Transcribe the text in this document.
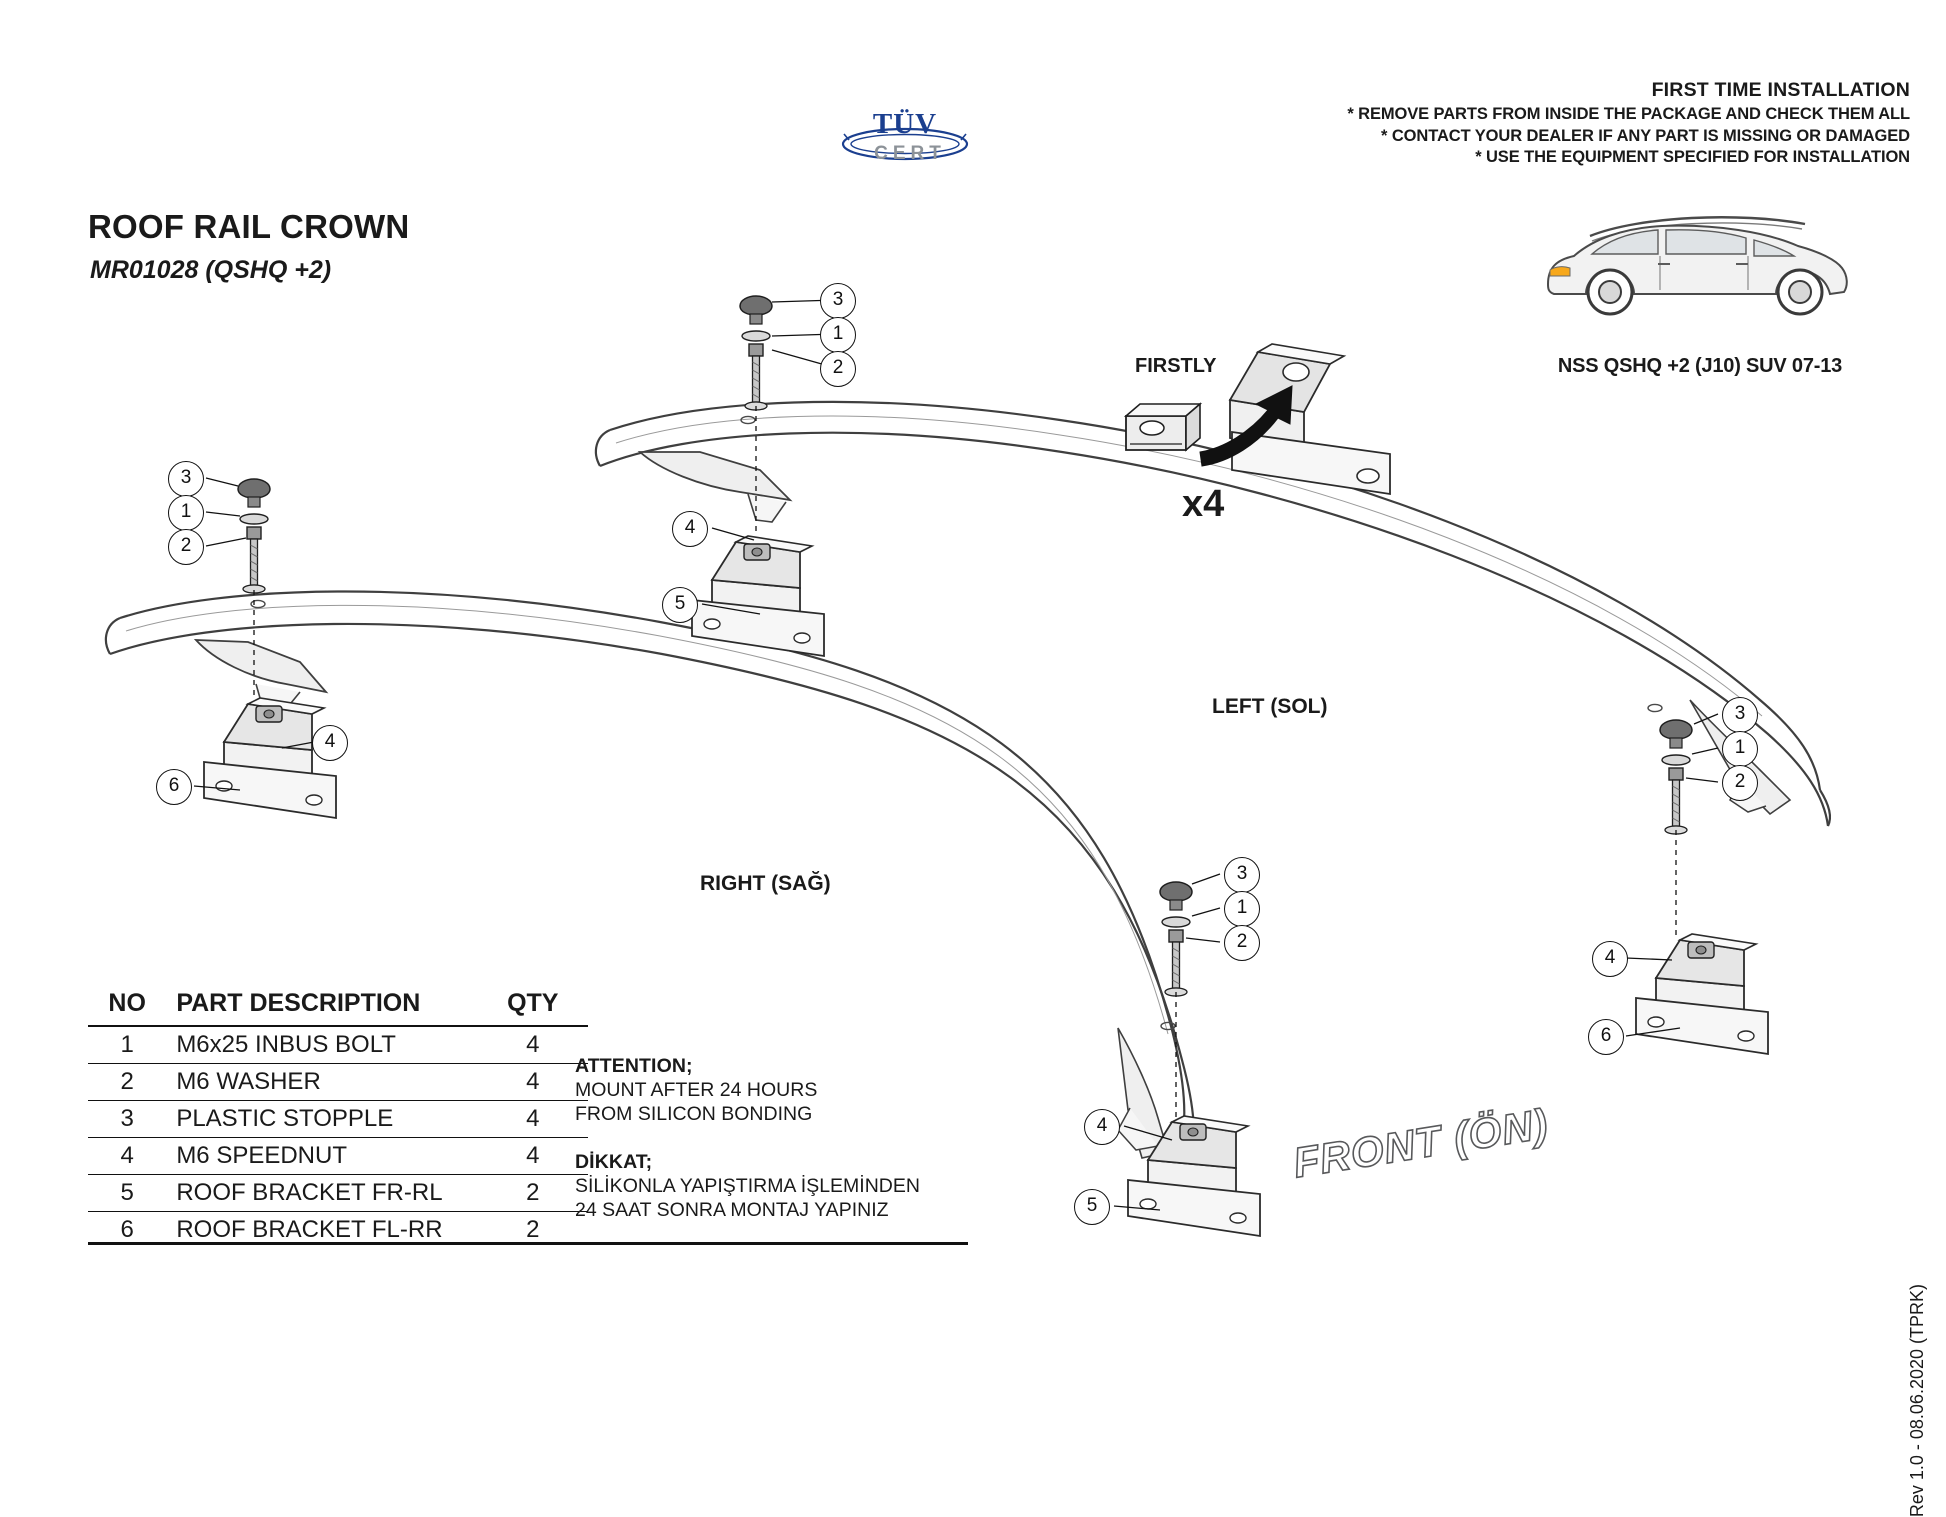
FIRST TIME INSTALLATION
* REMOVE PARTS FROM INSIDE THE PACKAGE AND CHECK THEM ALL
* CONTACT YOUR DEALER IF ANY PART IS MISSING OR DAMAGED
* USE THE EQUIPMENT SPECIFIED FOR INSTALLATION
TÜV
CERT
ROOF RAIL CROWN
MR01028 (QSHQ +2)
NSS QSHQ +2 (J10) SUV 07-13
3
1
2
4
5
3
1
2
4
6
3
1
2
4
6
3
1
2
4
5
LEFT (SOL)
RIGHT (SAĞ)
FIRSTLY
x4
FRONT (ÖN)
NO	PART DESCRIPTION	QTY
1	M6x25 INBUS BOLT	4
2	M6 WASHER	4
3	PLASTIC STOPPLE	4
4	M6 SPEEDNUT	4
5	ROOF BRACKET FR-RL	2
6	ROOF BRACKET FL-RR	2
ATTENTION;
MOUNT AFTER 24 HOURS
FROM SILICON BONDING
DİKKAT;
SİLİKONLA YAPIŞTIRMA İŞLEMİNDEN
24 SAAT SONRA MONTAJ YAPINIZ
Rev 1.0 - 08.06.2020 (TPRK)
